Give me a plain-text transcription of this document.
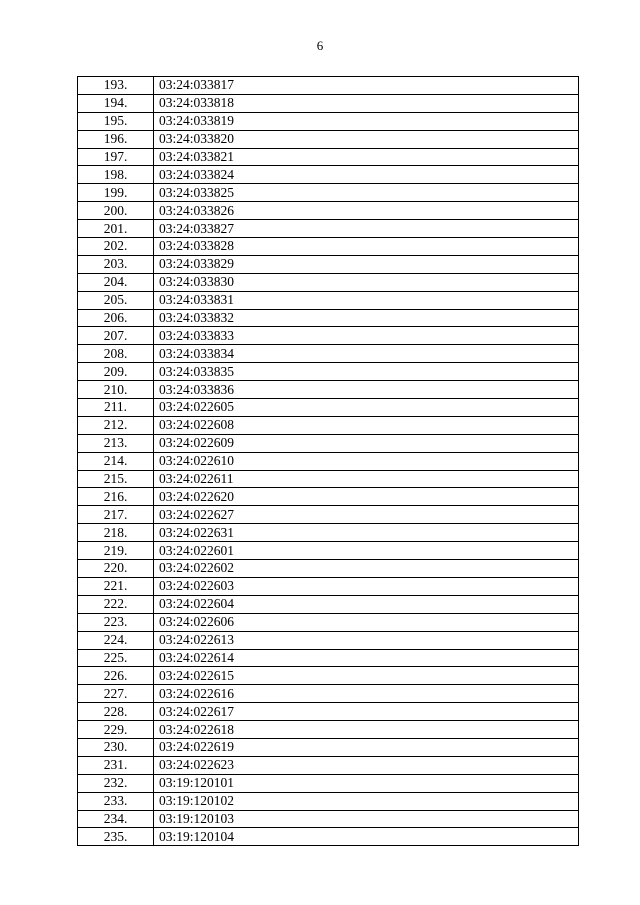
6
193.	03:24:033817
194.	03:24:033818
195.	03:24:033819
196.	03:24:033820
197.	03:24:033821
198.	03:24:033824
199.	03:24:033825
200.	03:24:033826
201.	03:24:033827
202.	03:24:033828
203.	03:24:033829
204.	03:24:033830
205.	03:24:033831
206.	03:24:033832
207.	03:24:033833
208.	03:24:033834
209.	03:24:033835
210.	03:24:033836
211.	03:24:022605
212.	03:24:022608
213.	03:24:022609
214.	03:24:022610
215.	03:24:022611
216.	03:24:022620
217.	03:24:022627
218.	03:24:022631
219.	03:24:022601
220.	03:24:022602
221.	03:24:022603
222.	03:24:022604
223.	03:24:022606
224.	03:24:022613
225.	03:24:022614
226.	03:24:022615
227.	03:24:022616
228.	03:24:022617
229.	03:24:022618
230.	03:24:022619
231.	03:24:022623
232.	03:19:120101
233.	03:19:120102
234.	03:19:120103
235.	03:19:120104
